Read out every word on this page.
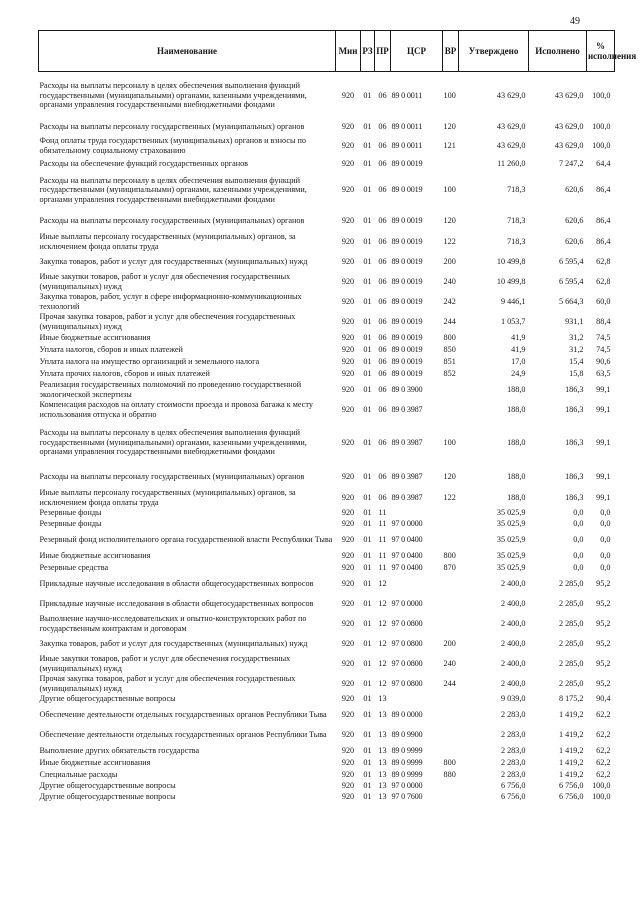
49
Наименование	Мин	РЗ	ПР	ЦСР	ВР	Утверждено	Исполнено	% исполнения
Расходы на выплаты персоналу в целях обеспечения выполнения функций государственными (муниципальными) органами, казенными учреждениями, органами управления государственными внебюджетными фондами	920	01	06	89 0 0011	100	43 629,0	43 629,0	100,0
Расходы на выплаты персоналу государственных (муниципальных) органов	920	01	06	89 0 0011	120	43 629,0	43 629,0	100,0
Фонд оплаты труда государственных (муниципальных) органов и взносы по обязательному социальному страхованию	920	01	06	89 0 0011	121	43 629,0	43 629,0	100,0
Расходы на обеспечение функций государственных органов	920	01	06	89 0 0019		11 260,0	7 247,2	64,4
Расходы на выплаты персоналу в целях обеспечения выполнения функций государственными (муниципальными) органами, казенными учреждениями, органами управления государственными внебюджетными фондами	920	01	06	89 0 0019	100	718,3	620,6	86,4
Расходы на выплаты персоналу государственных (муниципальных) органов	920	01	06	89 0 0019	120	718,3	620,6	86,4
Иные выплаты персоналу государственных (муниципальных) органов, за исключением фонда оплаты труда	920	01	06	89 0 0019	122	718,3	620,6	86,4
Закупка товаров, работ и услуг для государственных (муниципальных) нужд	920	01	06	89 0 0019	200	10 499,8	6 595,4	62,8
Иные закупки товаров, работ и услуг для обеспечения государственных (муниципальных) нужд	920	01	06	89 0 0019	240	10 499,8	6 595,4	62,8
Закупка товаров, работ, услуг в сфере информационно-коммуникационных технологий	920	01	06	89 0 0019	242	9 446,1	5 664,3	60,0
Прочая закупка товаров, работ и услуг для обеспечения государственных (муниципальных) нужд	920	01	06	89 0 0019	244	1 053,7	931,1	88,4
Иные бюджетные ассигнования	920	01	06	89 0 0019	800	41,9	31,2	74,5
Уплата налогов, сборов и иных платежей	920	01	06	89 0 0019	850	41,9	31,2	74,5
Уплата налога на имущество организаций и земельного налога	920	01	06	89 0 0019	851	17,0	15,4	90,6
Уплата прочих налогов, сборов и иных платежей	920	01	06	89 0 0019	852	24,9	15,8	63,5
Реализация государственных полномочий по проведению государственной экологической экспертизы	920	01	06	89 0 3900		188,0	186,3	99,1
Компенсация расходов на оплату стоимости проезда и провоза багажа к месту использования отпуска и обратно	920	01	06	89 0 3987		188,0	186,3	99,1
Расходы на выплаты персоналу в целях обеспечения выполнения функций государственными (муниципальными) органами, казенными учреждениями, органами управления государственными внебюджетными фондами	920	01	06	89 0 3987	100	188,0	186,3	99,1
Расходы на выплаты персоналу государственных (муниципальных) органов	920	01	06	89 0 3987	120	188,0	186,3	99,1
Иные выплаты персоналу государственных (муниципальных) органов, за исключением фонда оплаты труда	920	01	06	89 0 3987	122	188,0	186,3	99,1
Резервные фонды	920	01	11			35 025,9	0,0	0,0
Резервные фонды	920	01	11	97 0 0000		35 025,9	0,0	0,0
Резервный фонд исполнительного органа государственной власти Республики Тыва	920	01	11	97 0 0400		35 025,9	0,0	0,0
Иные бюджетные ассигнования	920	01	11	97 0 0400	800	35 025,9	0,0	0,0
Резервные средства	920	01	11	97 0 0400	870	35 025,9	0,0	0,0
Прикладные научные исследования в области общегосударственных вопросов	920	01	12			2 400,0	2 285,0	95,2
Прикладные научные исследования в области общегосударственных вопросов	920	01	12	97 0 0000		2 400,0	2 285,0	95,2
Выполнение научно-исследовательских и опытно-конструкторских работ по государственным контрактам и договорам	920	01	12	97 0 0800		2 400,0	2 285,0	95,2
Закупка товаров, работ и услуг для государственных (муниципальных) нужд	920	01	12	97 0 0800	200	2 400,0	2 285,0	95,2
Иные закупки товаров, работ и услуг для обеспечения государственных (муниципальных) нужд	920	01	12	97 0 0800	240	2 400,0	2 285,0	95,2
Прочая закупка товаров, работ и услуг для обеспечения государственных (муниципальных) нужд	920	01	12	97 0 0800	244	2 400,0	2 285,0	95,2
Другие общегосударственные вопросы	920	01	13			9 039,0	8 175,2	90,4
Обеспечение деятельности отдельных государственных органов Республики Тыва	920	01	13	89 0 0000		2 283,0	1 419,2	62,2
Обеспечение деятельности отдельных государственных органов Республики Тыва	920	01	13	89 0 9900		2 283,0	1 419,2	62,2
Выполнение других обязательств государства	920	01	13	89 0 9999		2 283,0	1 419,2	62,2
Иные бюджетные ассигнования	920	01	13	89 0 9999	800	2 283,0	1 419,2	62,2
Специальные расходы	920	01	13	89 0 9999	880	2 283,0	1 419,2	62,2
Другие общегосударственные вопросы	920	01	13	97 0 0000		6 756,0	6 756,0	100,0
Другие общегосударственные вопросы	920	01	13	97 0 7600		6 756,0	6 756,0	100,0
